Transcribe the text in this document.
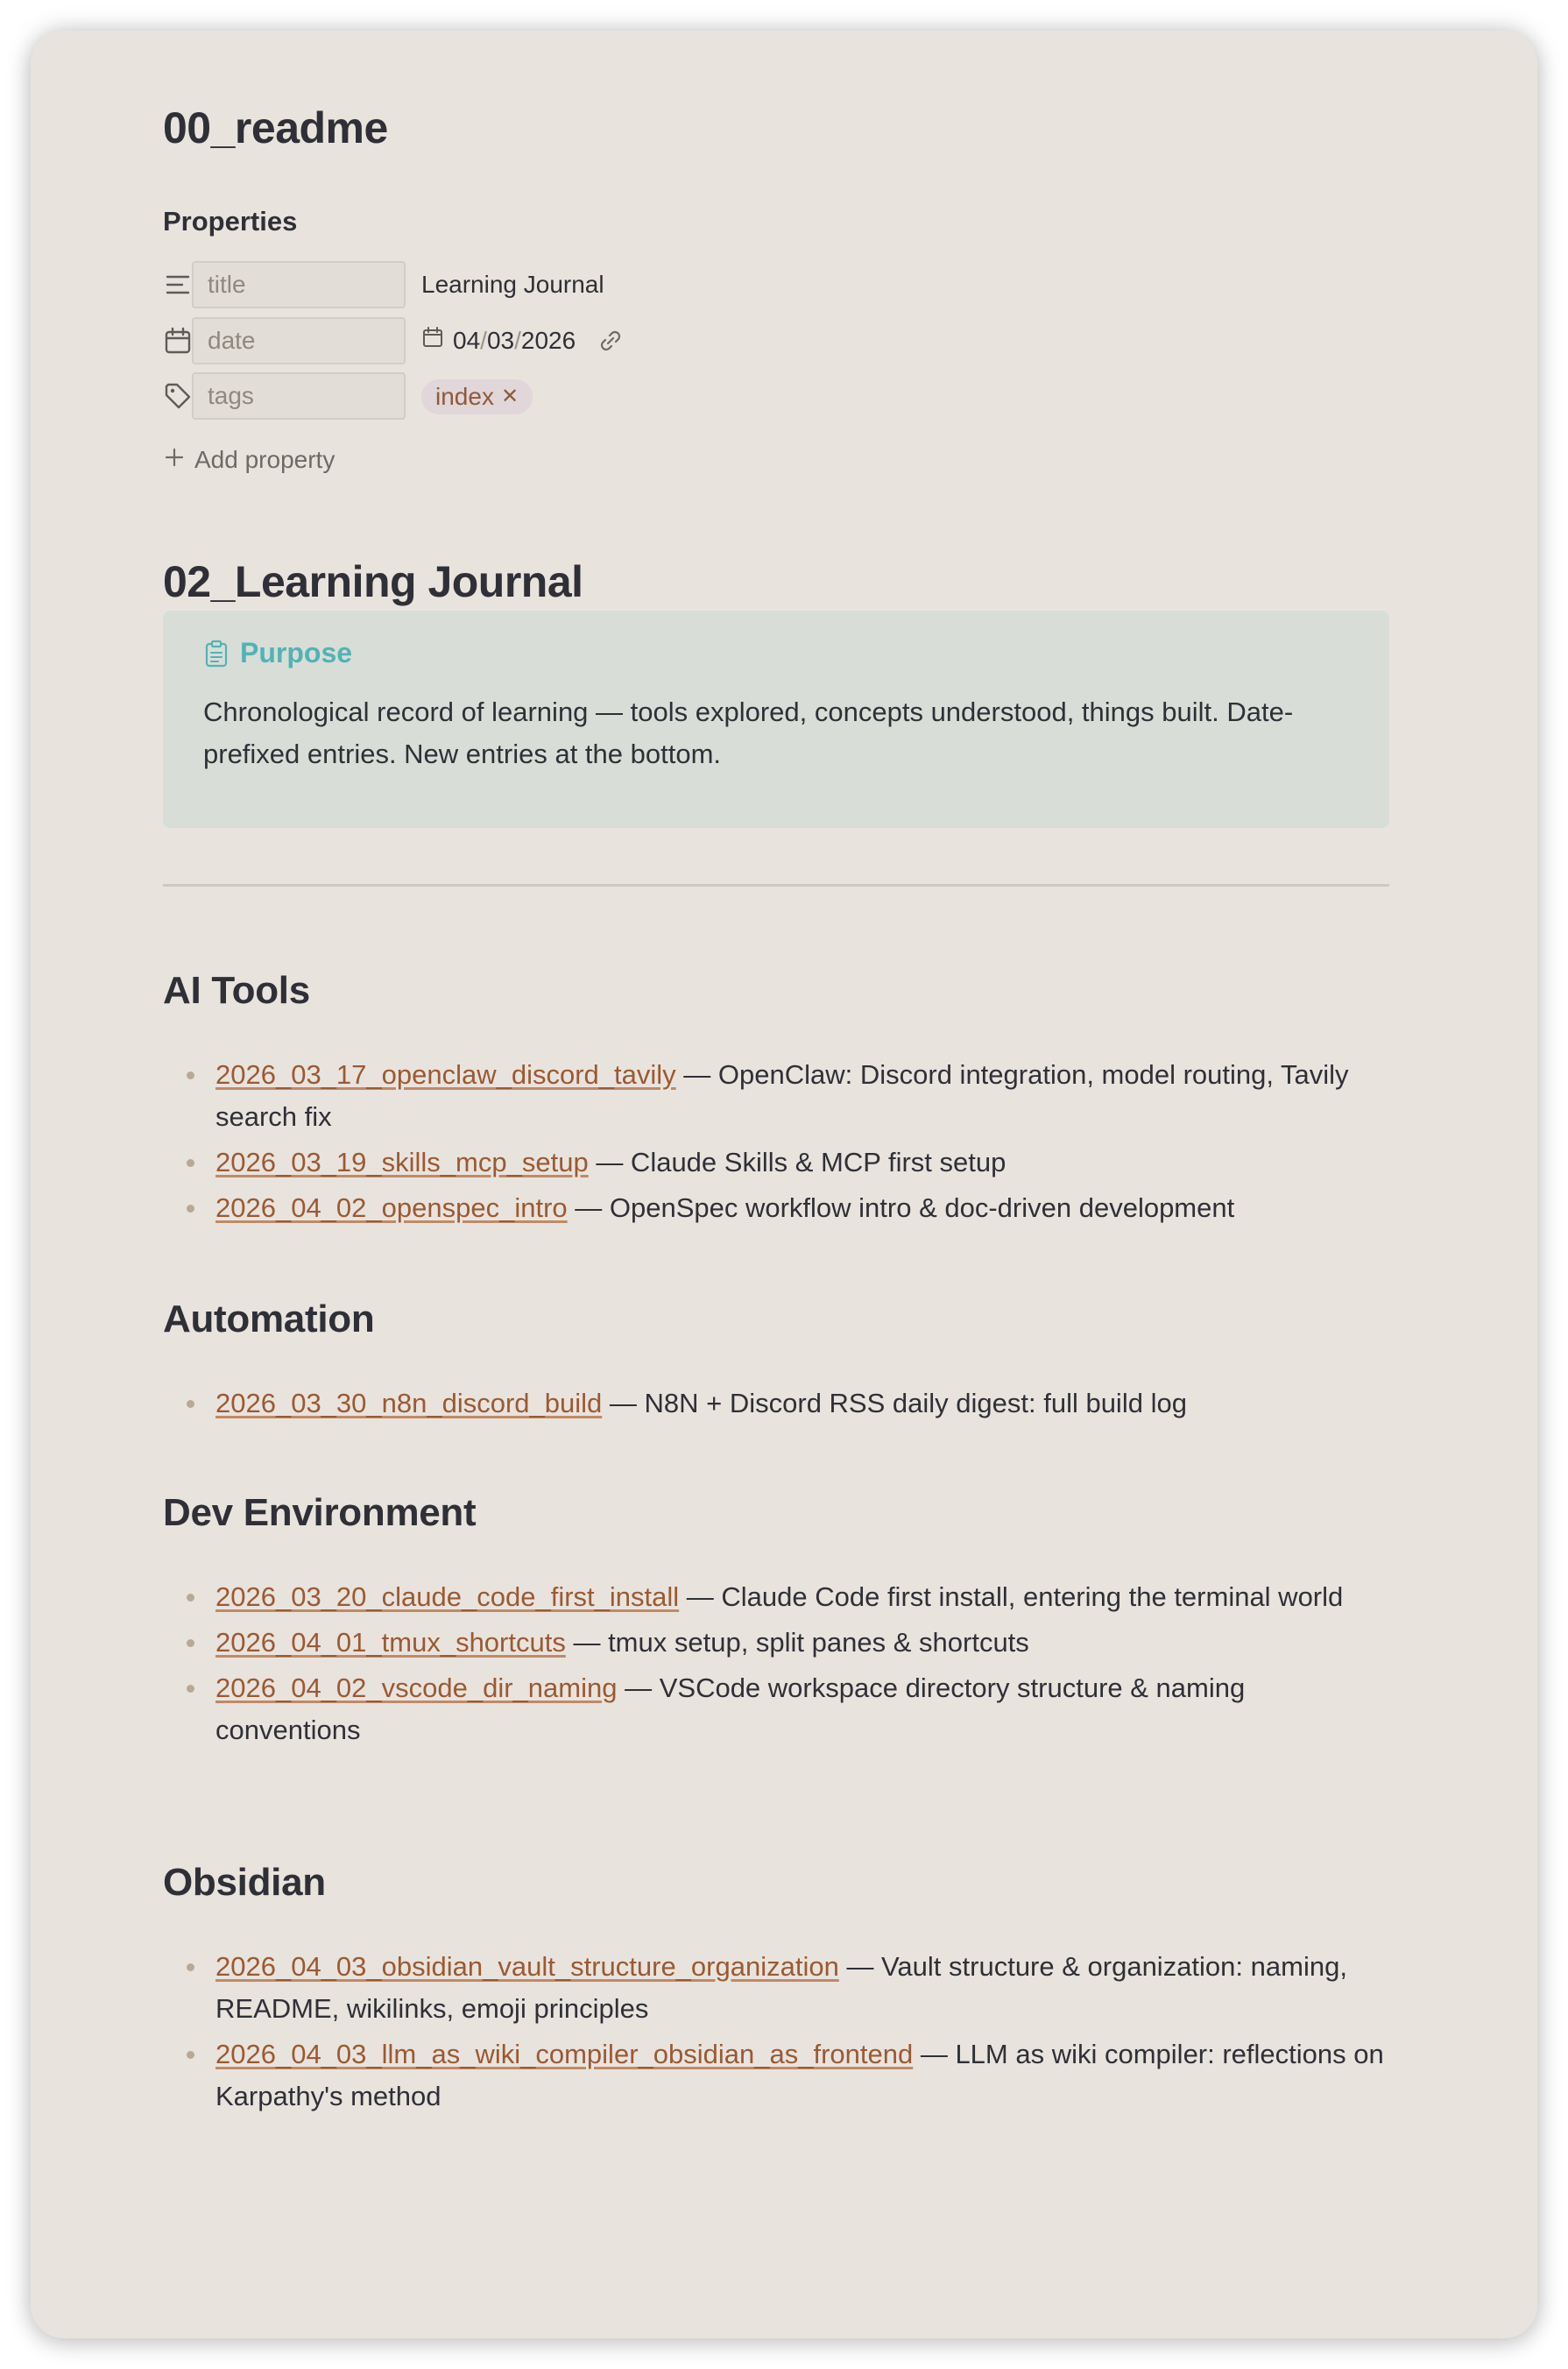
00_readme
Properties
title	Learning Journal
date	04/03/2026
tags	index ✕
Add property
02_Learning Journal
Purpose
Chronological record of learning — tools explored, concepts understood, things built. Date-prefixed entries. New entries at the bottom.
AI Tools
2026_03_17_openclaw_discord_tavily — OpenClaw: Discord integration, model routing, Tavily search fix
2026_03_19_skills_mcp_setup — Claude Skills & MCP first setup
2026_04_02_openspec_intro — OpenSpec workflow intro & doc-driven development
Automation
2026_03_30_n8n_discord_build — N8N + Discord RSS daily digest: full build log
Dev Environment
2026_03_20_claude_code_first_install — Claude Code first install, entering the terminal world
2026_04_01_tmux_shortcuts — tmux setup, split panes & shortcuts
2026_04_02_vscode_dir_naming — VSCode workspace directory structure & naming conventions
Obsidian
2026_04_03_obsidian_vault_structure_organization — Vault structure & organization: naming, README, wikilinks, emoji principles
2026_04_03_llm_as_wiki_compiler_obsidian_as_frontend — LLM as wiki compiler: reflections on Karpathy's method
